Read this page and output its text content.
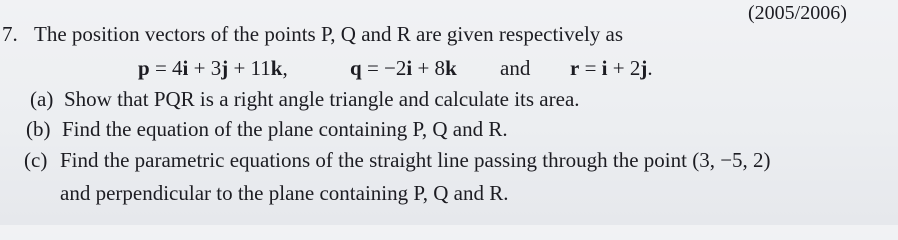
(2005/2006)
7. The position vectors of the points P, Q and R are given respectively as
p = 4i + 3j + 11k,	q = −2i + 8k and r = i + 2j.
(a) Show that PQR is a right angle triangle and calculate its area.
(b) Find the equation of the plane containing P, Q and R.
(c) Find the parametric equations of the straight line passing through the point (3, −5, 2)
and perpendicular to the plane containing P, Q and R.
